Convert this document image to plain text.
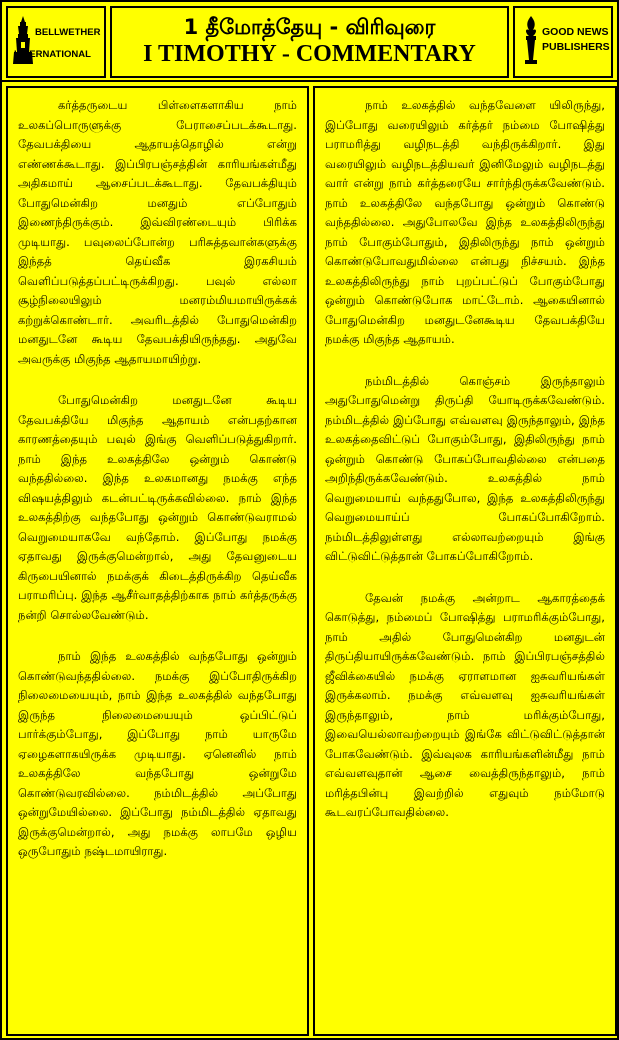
BELLWETHER
INTERNATIONAL
1 தீமோத்தேயு - விரிவுரை
I TIMOTHY - COMMENTARY
GOOD NEWS
PUBLISHERS

கர்த்தருடைய பிள்ளைகளாகிய நாம் உலகப்பொருளுக்கு பேராசைப்படக்கூடாது. தேவபக்தியை ஆதாயத்தொழில் என்று எண்ணக்கூடாது. இப்பிரபஞ்சத்தின் காரியங்கள்மீது அதிகமாய் ஆசைப்படக்கூடாது. தேவபக்தியும் போதுமென்கிற மனதும் எப்போதும் இணைந்திருக்கும். இவ்விரண்டையும் பிரிக்க முடியாது. பவுலைப்போன்ற பரிசுத்தவான்களுக்கு இந்தத் தெய்வீக இரகசியம் வெளிப்படுத்தப்பட்டிருக்கிறது. பவுல் எல்லா சூழ்நிலையிலும் மனரம்மியமாயிருக்கக் கற்றுக்கொண்டார். அவரிடத்தில் போதுமென்கிற மனதுடனே கூடிய தேவபக்தியிருந்தது. அதுவே அவருக்கு மிகுந்த ஆதாயமாயிற்று.

போதுமென்கிற மனதுடனே கூடிய தேவபக்தியே மிகுந்த ஆதாயம் என்பதற்கான காரணத்தையும் பவுல் இங்கு வெளிப்படுத்துகிறார். நாம் இந்த உலகத்திலே ஒன்றும் கொண்டு வந்ததில்லை. இந்த உலகமானது நமக்கு எந்த விஷயத்திலும் கடன்பட்டிருக்கவில்லை. நாம் இந்த உலகத்திற்கு வந்தபோது ஒன்றும் கொண்டுவராமல் வெறுமையாகவே வந்தோம். இப்போது நமக்கு ஏதாவது இருக்குமென்றால், அது தேவனுடைய கிருபையினால் நமக்குக் கிடைத்திருக்கிற தெய்வீக பராமரிப்பு. இந்த ஆசீர்வாதத்திற்காக நாம் கர்த்தருக்கு நன்றி சொல்லவேண்டும்.

நாம் இந்த உலகத்தில் வந்தபோது ஒன்றும் கொண்டுவந்ததில்லை. நமக்கு இப்போதிருக்கிற நிலைமையையும், நாம் இந்த உலகத்தில் வந்தபோது இருந்த நிலைமையையும் ஒப்பிட்டுப் பார்க்கும்போது, இப்போது நாம் யாருமே ஏழைகளாகயிருக்க முடியாது. ஏனெனில் நாம் உலகத்திலே வந்தபோது ஒன்றுமே கொண்டுவரவில்லை. நம்மிடத்தில் அப்போது ஒன்றுமேயில்லை. இப்போது நம்மிடத்தில் ஏதாவது இருக்குமென்றால், அது நமக்கு லாபமே ஒழிய ஒருபோதும் நஷ்டமாயிராது.

நாம் உலகத்தில் வந்தவேளை யிலிருந்து, இப்போது வரையிலும் கர்த்தர் நம்மை போஷித்து பராமரித்து வழிநடத்தி வந்திருக்கிறார். இது வரையிலும் வழிநடத்தியவர் இனிமேலும் வழிநடத்து வார் என்று நாம் கர்த்தரையே சார்ந்திருக்கவேண்டும். நாம் உலகத்திலே வந்தபோது ஒன்றும் கொண்டு வந்ததில்லை. அதுபோலவே இந்த உலகத்திலிருந்து நாம் போகும்போதும், இதிலிருந்து நாம் ஒன்றும் கொண்டுபோவதுமில்லை என்பது நிச்சயம். இந்த உலகத்திலிருந்து நாம் புறப்பட்டுப் போகும்போது ஒன்றும் கொண்டுபோக மாட்டோம். ஆகையினால் போதுமென்கிற மனதுடனேகூடிய தேவபக்தியே நமக்கு மிகுந்த ஆதாயம்.

நம்மிடத்தில் கொஞ்சம் இருந்தாலும் அதுபோதுமென்று திருப்தி யோடிருக்கவேண்டும். நம்மிடத்தில் இப்போது எவ்வளவு இருந்தாலும், இந்த உலகத்தைவிட்டுப் போகும்போது, இதிலிருந்து நாம் ஒன்றும் கொண்டு போகப்போவதில்லை என்பதை அறிந்திருக்கவேண்டும். உலகத்தில் நாம் வெறுமையாய் வந்ததுபோல, இந்த உலகத்திலிருந்து வெறுமையாய்ப் போகப்போகிறோம். நம்மிடத்திலுள்ளது எல்லாவற்றையும் இங்கு விட்டுவிட்டுத்தான் போகப்போகிறோம்.

தேவன் நமக்கு அன்றாட ஆகாரத்தைக் கொடுத்து, நம்மைப் போஷித்து பராமரிக்கும்போது, நாம் அதில் போதுமென்கிற மனதுடன் திருப்தியாயிருக்கவேண்டும். நாம் இப்பிரபஞ்சத்தில் ஜீவிக்கையில் நமக்கு ஏராளமான ஐசுவரியங்கள் இருக்கலாம். நமக்கு எவ்வளவு ஐசுவரியங்கள் இருந்தாலும், நாம் மரிக்கும்போது, இவையெல்லாவற்றையும் இங்கே விட்டுவிட்டுத்தான் போகவேண்டும். இவ்வுலக காரியங்களின்மீது நாம் எவ்வளவுதான் ஆசை வைத்திருந்தாலும், நாம் மரித்தபின்பு இவற்றில் எதுவும் நம்மோடு கூடவரப்போவதில்லை.
